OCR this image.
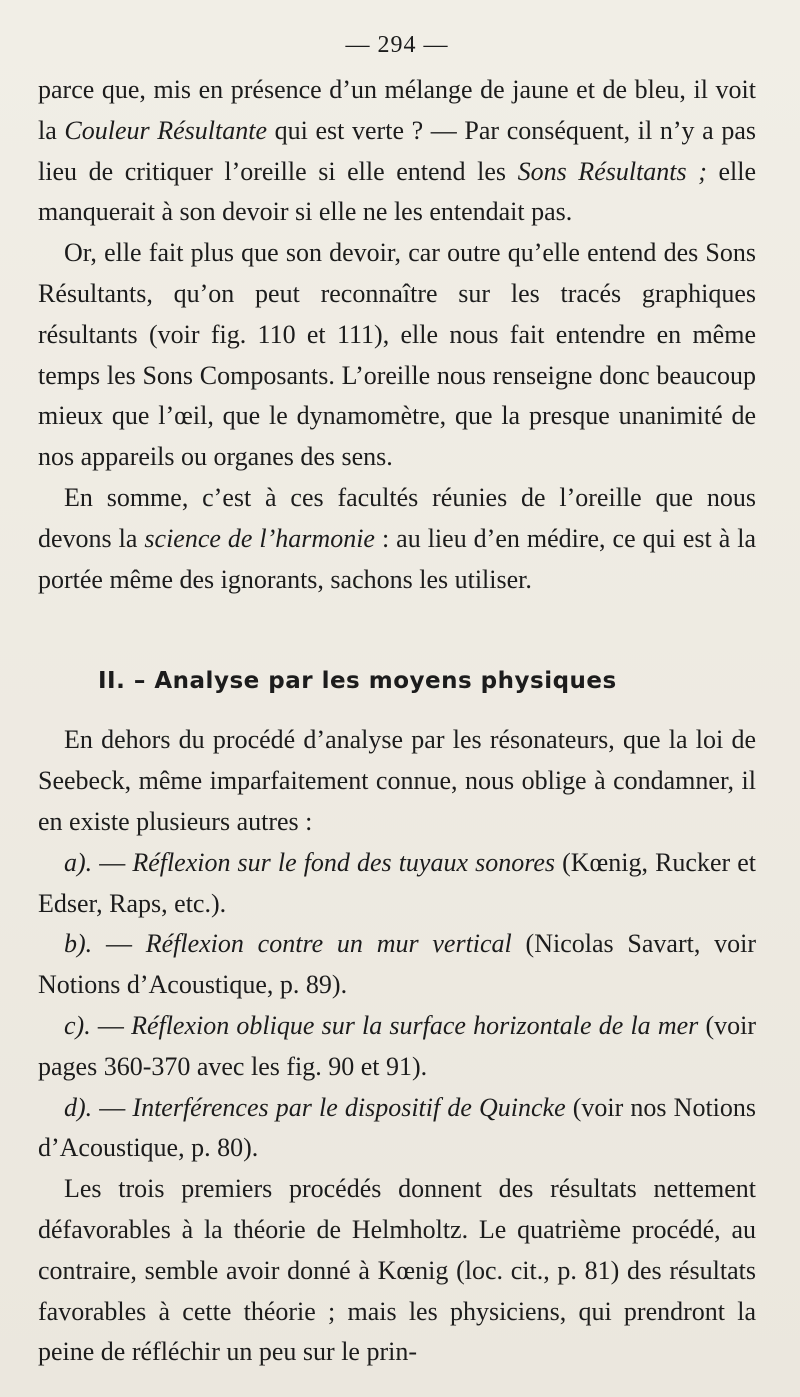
— 294 —

parce que, mis en présence d’un mélange de jaune et de bleu, il voit la Couleur Résultante qui est verte ? — Par conséquent, il n’y a pas lieu de critiquer l’oreille si elle entend les Sons Résultants ; elle manquerait à son devoir si elle ne les entendait pas.

Or, elle fait plus que son devoir, car outre qu’elle entend des Sons Résultants, qu’on peut reconnaître sur les tracés graphiques résultants (voir fig. 110 et 111), elle nous fait entendre en même temps les Sons Composants. L’oreille nous renseigne donc beaucoup mieux que l’œil, que le dynamomètre, que la presque unanimité de nos appareils ou organes des sens.

En somme, c’est à ces facultés réunies de l’oreille que nous devons la science de l’harmonie : au lieu d’en médire, ce qui est à la portée même des ignorants, sachons les utiliser.

II. – Analyse par les moyens physiques

En dehors du procédé d’analyse par les résonateurs, que la loi de Seebeck, même imparfaitement connue, nous oblige à condamner, il en existe plusieurs autres :

a). — Réflexion sur le fond des tuyaux sonores (Kœnig, Rucker et Edser, Raps, etc.).

b). — Réflexion contre un mur vertical (Nicolas Savart, voir Notions d’Acoustique, p. 89).

c). — Réflexion oblique sur la surface horizontale de la mer (voir pages 360-370 avec les fig. 90 et 91).

d). — Interférences par le dispositif de Quincke (voir nos Notions d’Acoustique, p. 80).

Les trois premiers procédés donnent des résultats nettement défavorables à la théorie de Helmholtz. Le quatrième procédé, au contraire, semble avoir donné à Kœnig (loc. cit., p. 81) des résultats favorables à cette théorie ; mais les physiciens, qui prendront la peine de réfléchir un peu sur le prin-
